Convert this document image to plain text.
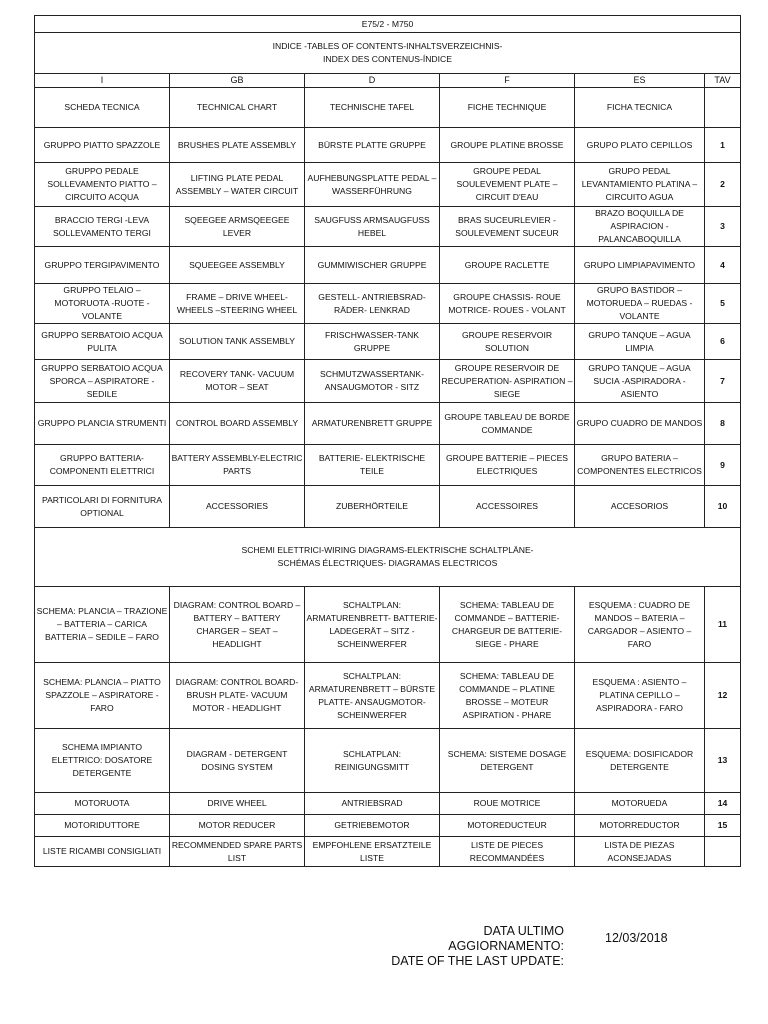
E75/2 - M750					

INDICE -TABLES OF CONTENTS-INHALTSVERZEICHNIS-
INDEX DES CONTENUS-ÍNDICE					

I	GB	D	F	ES	TAV
SCHEDA TECNICA	TECHNICAL CHART	TECHNISCHE TAFEL	FICHE TECHNIQUE	FICHA TECNICA	
GRUPPO PIATTO SPAZZOLE	BRUSHES PLATE ASSEMBLY	BÜRSTE PLATTE GRUPPE	GROUPE PLATINE BROSSE	GRUPO PLATO CEPILLOS	1
GRUPPO PEDALE SOLLEVAMENTO PIATTO –CIRCUITO ACQUA	LIFTING PLATE PEDAL ASSEMBLY – WATER CIRCUIT	AUFHEBUNGSPLATTE PEDAL – WASSERFÜHRUNG	GROUPE PEDAL SOULEVEMENT PLATE – CIRCUIT D'EAU	GRUPO PEDAL LEVANTAMIENTO PLATINA – CIRCUITO AGUA	2
BRACCIO TERGI -LEVA SOLLEVAMENTO TERGI	SQEEGEE ARMSQEEGEE LEVER	SAUGFUSS ARMSAUGFUSS HEBEL	BRAS SUCEURLEVIER - SOULEVEMENT SUCEUR	BRAZO BOQUILLA DE ASPIRACION - PALANCABOQUILLA	3
GRUPPO TERGIPAVIMENTO	SQUEEGEE ASSEMBLY	GUMMIWISCHER GRUPPE	GROUPE RACLETTE	GRUPO LIMPIAPAVIMENTO	4
GRUPPO TELAIO –MOTORUOTA -RUOTE - VOLANTE	FRAME – DRIVE WHEEL-WHEELS –STEERING WHEEL	GESTELL- ANTRIEBSRAD-RÄDER- LENKRAD	GROUPE CHASSIS- ROUE MOTRICE- ROUES - VOLANT	GRUPO BASTIDOR –MOTORUEDA – RUEDAS - VOLANTE	5
GRUPPO SERBATOIO ACQUA PULITA	SOLUTION TANK ASSEMBLY	FRISCHWASSER-TANK GRUPPE	GROUPE RESERVOIR SOLUTION	GRUPO TANQUE – AGUA LIMPIA	6
GRUPPO SERBATOIO ACQUA SPORCA – ASPIRATORE - SEDILE	RECOVERY TANK- VACUUM MOTOR – SEAT	SCHMUTZWASSERTANK-ANSAUGMOTOR - SITZ	GROUPE RESERVOIR DE RECUPERATION- ASPIRATION – SIEGE	GRUPO TANQUE – AGUA SUCIA -ASPIRADORA - ASIENTO	7
GRUPPO PLANCIA STRUMENTI	CONTROL BOARD ASSEMBLY	ARMATURENBRETT GRUPPE	GROUPE TABLEAU DE BORDE COMMANDE	GRUPO CUADRO DE MANDOS	8
GRUPPO BATTERIA-COMPONENTI ELETTRICI	BATTERY ASSEMBLY-ELECTRIC PARTS	BATTERIE- ELEKTRISCHE TEILE	GROUPE BATTERIE – PIECES ELECTRIQUES	GRUPO BATERIA – COMPONENTES ELECTRICOS	9
PARTICOLARI DI FORNITURA OPTIONAL	ACCESSORIES	ZUBERHÖRTEILE	ACCESSOIRES	ACCESORIOS	10

SCHEMI ELETTRICI-WIRING DIAGRAMS-ELEKTRISCHE SCHALTPLÄNE-
SCHÉMAS ÉLECTRIQUES- DIAGRAMAS ELECTRICOS					

SCHEMA: PLANCIA – TRAZIONE – BATTERIA – CARICA BATTERIA – SEDILE – FARO	DIAGRAM: CONTROL BOARD – BATTERY – BATTERY CHARGER – SEAT – HEADLIGHT	SCHALTPLAN: ARMATURENBRETT- BATTERIE-LADEGERÄT – SITZ - SCHEINWERFER	SCHEMA: TABLEAU DE COMMANDE – BATTERIE-CHARGEUR DE BATTERIE-SIEGE - PHARE	ESQUEMA : CUADRO DE MANDOS – BATERIA – CARGADOR – ASIENTO – FARO	11
SCHEMA: PLANCIA – PIATTO SPAZZOLE – ASPIRATORE - FARO	DIAGRAM: CONTROL BOARD-BRUSH PLATE- VACUUM MOTOR - HEADLIGHT	SCHALTPLAN: ARMATURENBRETT – BÜRSTE PLATTE- ANSAUGMOTOR-SCHEINWERFER	SCHEMA: TABLEAU DE COMMANDE – PLATINE BROSSE – MOTEUR ASPIRATION - PHARE	ESQUEMA : ASIENTO – PLATINA CEPILLO – ASPIRADORA - FARO	12
SCHEMA IMPIANTO ELETTRICO: DOSATORE DETERGENTE	DIAGRAM - DETERGENT DOSING SYSTEM	SCHLATPLAN: REINIGUNGSMITT	SCHEMA: SISTEME DOSAGE DETERGENT	ESQUEMA: DOSIFICADOR DETERGENTE	13
MOTORUOTA	DRIVE WHEEL	ANTRIEBSRAD	ROUE MOTRICE	MOTORUEDA	14
MOTORIDUTTORE	MOTOR REDUCER	GETRIEBEMOTOR	MOTOREDUCTEUR	MOTORREDUCTOR	15
LISTE RICAMBI CONSIGLIATI	RECOMMENDED SPARE PARTS LIST	EMPFOHLENE ERSATZTEILE LISTE	LISTE DE PIECES RECOMMANDÉES	LISTA DE PIEZAS ACONSEJADAS	
DATA ULTIMO AGGIORNAMENTO:
DATE OF THE LAST UPDATE:
12/03/2018
